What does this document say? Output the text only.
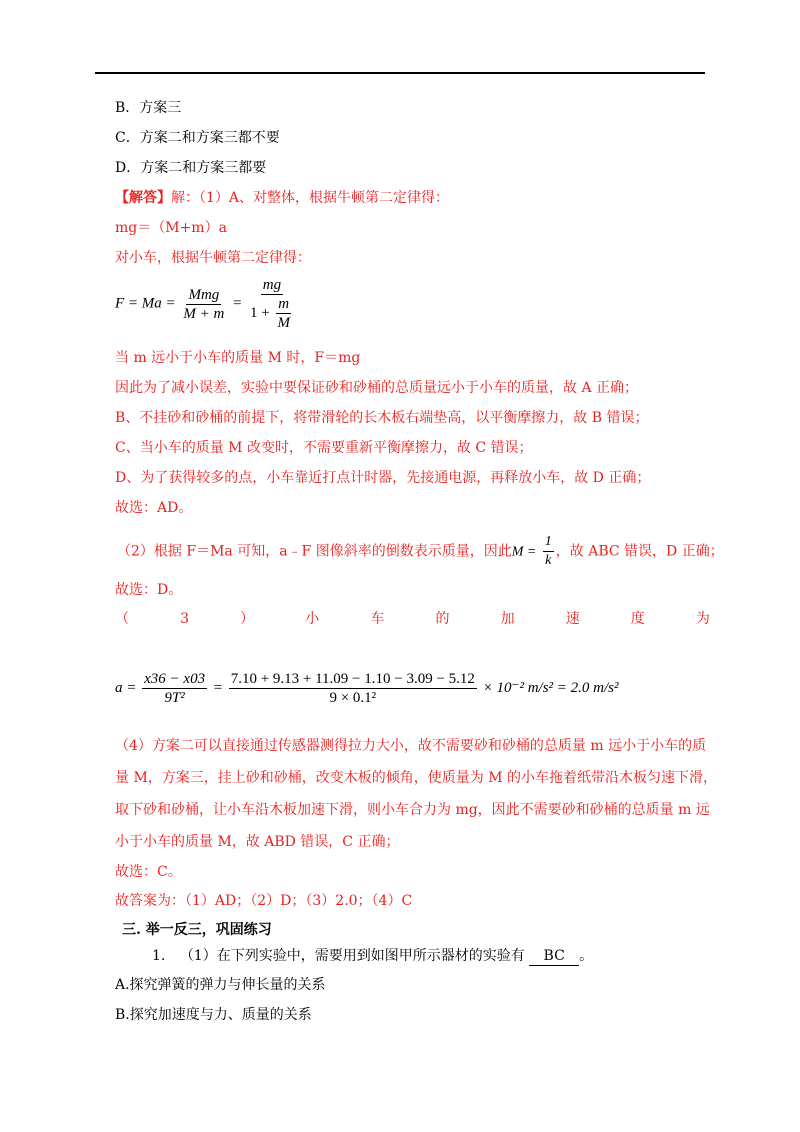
B．方案三
C．方案二和方案三都不要
D．方案二和方案三都要
【解答】解：（1）A、对整体，根据牛顿第二定律得：
mg＝（M+m）a
对小车，根据牛顿第二定律得：
$F = Ma = \frac{\text{Mmg}}{M + m} = \frac{mg}{1 + \frac{m}{M}}$
当 m 远小于小车的质量 M 时，F＝mg
因此为了减小误差，实验中要保证砂和砂桶的总质量远小于小车的质量，故 A 正确；
B、不挂砂和砂桶的前提下，将带滑轮的长木板右端垫高，以平衡摩擦力，故 B 错误；
C、当小车的质量 M 改变时，不需要重新平衡摩擦力，故 C 错误；
D、为了获得较多的点，小车靠近打点计时器，先接通电源，再释放小车，故 D 正确；
故选：AD。
（2）根据 F＝Ma 可知，a﹣F 图像斜率的倒数表示质量，因此$M = \frac{1}{k}$ ，故 ABC 错误，D 正确；
故选：D。
（	3	）	小	车	的	加	速	度	为
$a = \frac{x36 - x03}{\text{9T²}} = \frac{7.10 + 9.13 + 11.09 - 1.10 - 3.09 - 5.12}{\text{9 × 0.1²}} \times 10^{-2}$ m/s² = 2.0 m/s²
（4）方案二可以直接通过传感器测得拉力大小，故不需要砂和砂桶的总质量 m 远小于小车的质
量 M，方案三，挂上砂和砂桶，改变木板的倾角，使质量为 M 的小车拖着纸带沿木板匀速下滑，
取下砂和砂桶，让小车沿木板加速下滑，则小车合力为 mg，因此不需要砂和砂桶的总质量 m 远
小于小车的质量 M，故 ABD 错误，C 正确；
故选：C。
故答案为：（1）AD；（2）D；（3）2.0；（4）C
三. 举一反三，巩固练习
1. （1）在下列实验中，需要用到如图甲所示器材的实验有 BC 。
A.探究弹簧的弹力与伸长量的关系
B.探究加速度与力、质量的关系
